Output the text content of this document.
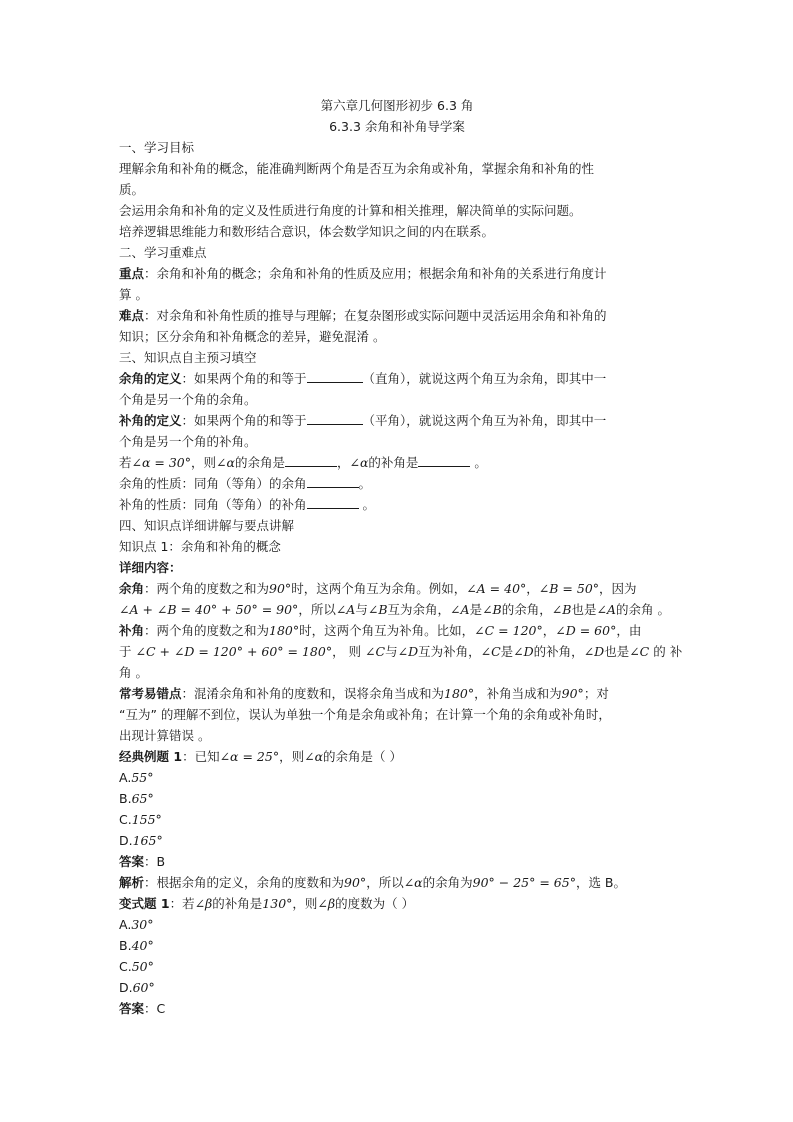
第六章几何图形初步 6.3 角
6.3.3 余角和补角导学案
一、学习目标
理解余角和补角的概念，能准确判断两个角是否互为余角或补角，掌握余角和补角的性
质。
会运用余角和补角的定义及性质进行角度的计算和相关推理，解决简单的实际问题。
培养逻辑思维能力和数形结合意识，体会数学知识之间的内在联系。
二、学习重难点
重点：余角和补角的概念；余角和补角的性质及应用；根据余角和补角的关系进行角度计
算 。
难点：对余角和补角性质的推导与理解；在复杂图形或实际问题中灵活运用余角和补角的
知识；区分余角和补角概念的差异，避免混淆 。
三、知识点自主预习填空
余角的定义：如果两个角的和等于	（直角），就说这两个角互为余角，即其中一
个角是另一个角的余角。
补角的定义：如果两个角的和等于	（平角），就说这两个角互为补角，即其中一
个角是另一个角的补角。
若∠α = 30°，则∠α的余角是	，∠α的补角是	。
余角的性质：同角（等角）的余角	。
补角的性质：同角（等角）的补角	。
四、知识点详细讲解与要点讲解
知识点 1：余角和补角的概念
详细内容：
余角：两个角的度数之和为90°时，这两个角互为余角。例如，∠A = 40°，∠B = 50°，因为
∠A + ∠B = 40° + 50° = 90°，所以∠A与∠B互为余角，∠A是∠B的余角，∠B也是∠A的余角 。
补角：两个角的度数之和为180°时，这两个角互为补角。比如，∠C = 120°，∠D = 60°，由
于 ∠C + ∠D = 120° + 60° = 180°， 则 ∠C与∠D互为补角，∠C是∠D的补角，∠D也是∠C 的 补
角 。
常考易错点：混淆余角和补角的度数和，误将余角当成和为180°，补角当成和为90°；对
“互为” 的理解不到位，误认为单独一个角是余角或补角；在计算一个角的余角或补角时，
出现计算错误 。
经典例题 1：已知∠α = 25°，则∠α的余角是（ ）
A.55°
B.65°
C.155°
D.165°
答案：B
解析：根据余角的定义，余角的度数和为90°，所以∠α的余角为90° − 25° = 65°，选 B。
变式题 1：若∠β的补角是130°，则∠β的度数为（ ）
A.30°
B.40°
C.50°
D.60°
答案：C
